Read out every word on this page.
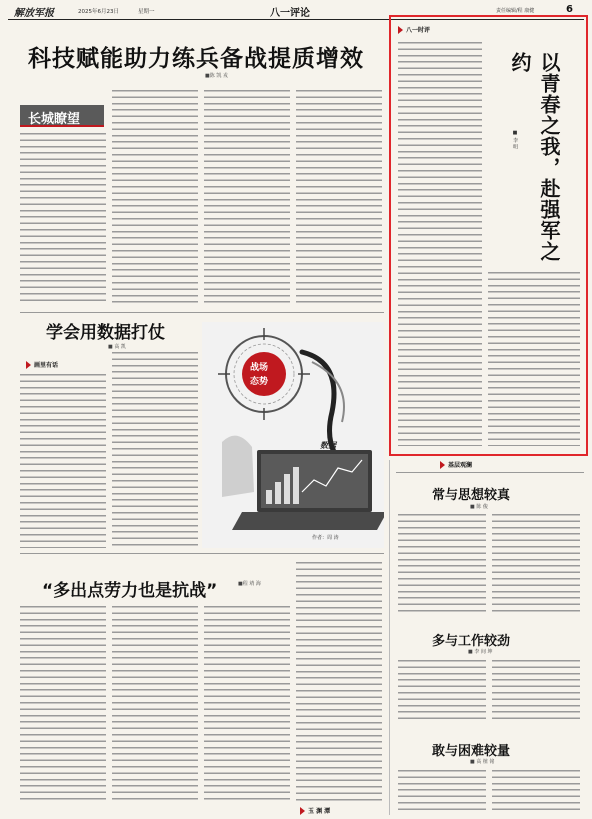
解放军报	2025年6月23日	星期一	八一评论	责任编辑/程 康健	6
科技赋能助力练兵备战提质增效
■陈 凯 戎
长城瞭望
学会用数据打仗
■ 高 凯
画里有话	战场
态势
数据
作者：周 涛
“多出点劳力也是抗战”	■程 靖 海
玉 渊 潭
八一时评
以青春之我，赴强军之约
■ 李 明
基层观澜
常与思想较真
■ 陈 俊
多与工作较劲
■ 李 间 坤
敢与困难较量
■ 高 植 铭
